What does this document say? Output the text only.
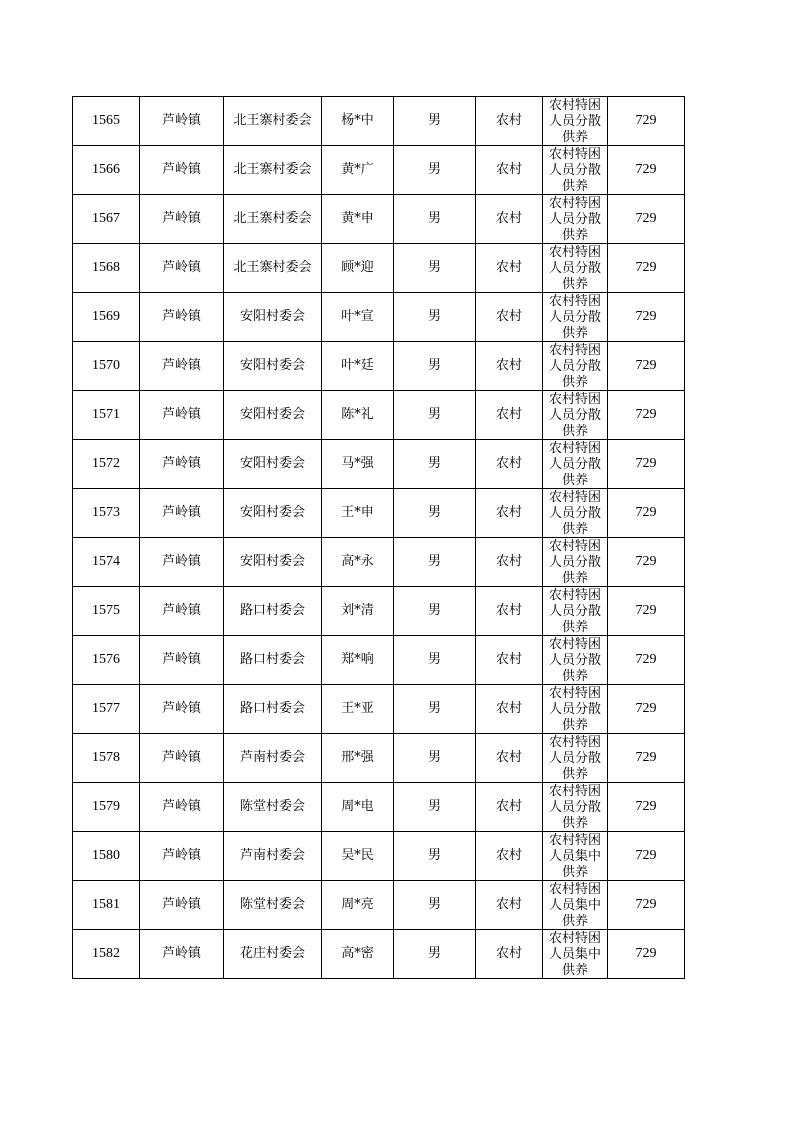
1565	芦岭镇	北王寨村委会	杨*中	男	农村	农村特困人员分散供养	729
1566	芦岭镇	北王寨村委会	黄*广	男	农村	农村特困人员分散供养	729
1567	芦岭镇	北王寨村委会	黄*申	男	农村	农村特困人员分散供养	729
1568	芦岭镇	北王寨村委会	顾*迎	男	农村	农村特困人员分散供养	729
1569	芦岭镇	安阳村委会	叶*宣	男	农村	农村特困人员分散供养	729
1570	芦岭镇	安阳村委会	叶*廷	男	农村	农村特困人员分散供养	729
1571	芦岭镇	安阳村委会	陈*礼	男	农村	农村特困人员分散供养	729
1572	芦岭镇	安阳村委会	马*强	男	农村	农村特困人员分散供养	729
1573	芦岭镇	安阳村委会	王*申	男	农村	农村特困人员分散供养	729
1574	芦岭镇	安阳村委会	高*永	男	农村	农村特困人员分散供养	729
1575	芦岭镇	路口村委会	刘*清	男	农村	农村特困人员分散供养	729
1576	芦岭镇	路口村委会	郑*响	男	农村	农村特困人员分散供养	729
1577	芦岭镇	路口村委会	王*亚	男	农村	农村特困人员分散供养	729
1578	芦岭镇	芦南村委会	邢*强	男	农村	农村特困人员分散供养	729
1579	芦岭镇	陈堂村委会	周*电	男	农村	农村特困人员分散供养	729
1580	芦岭镇	芦南村委会	吴*民	男	农村	农村特困人员集中供养	729
1581	芦岭镇	陈堂村委会	周*亮	男	农村	农村特困人员集中供养	729
1582	芦岭镇	花庄村委会	高*密	男	农村	农村特困人员集中供养	729
